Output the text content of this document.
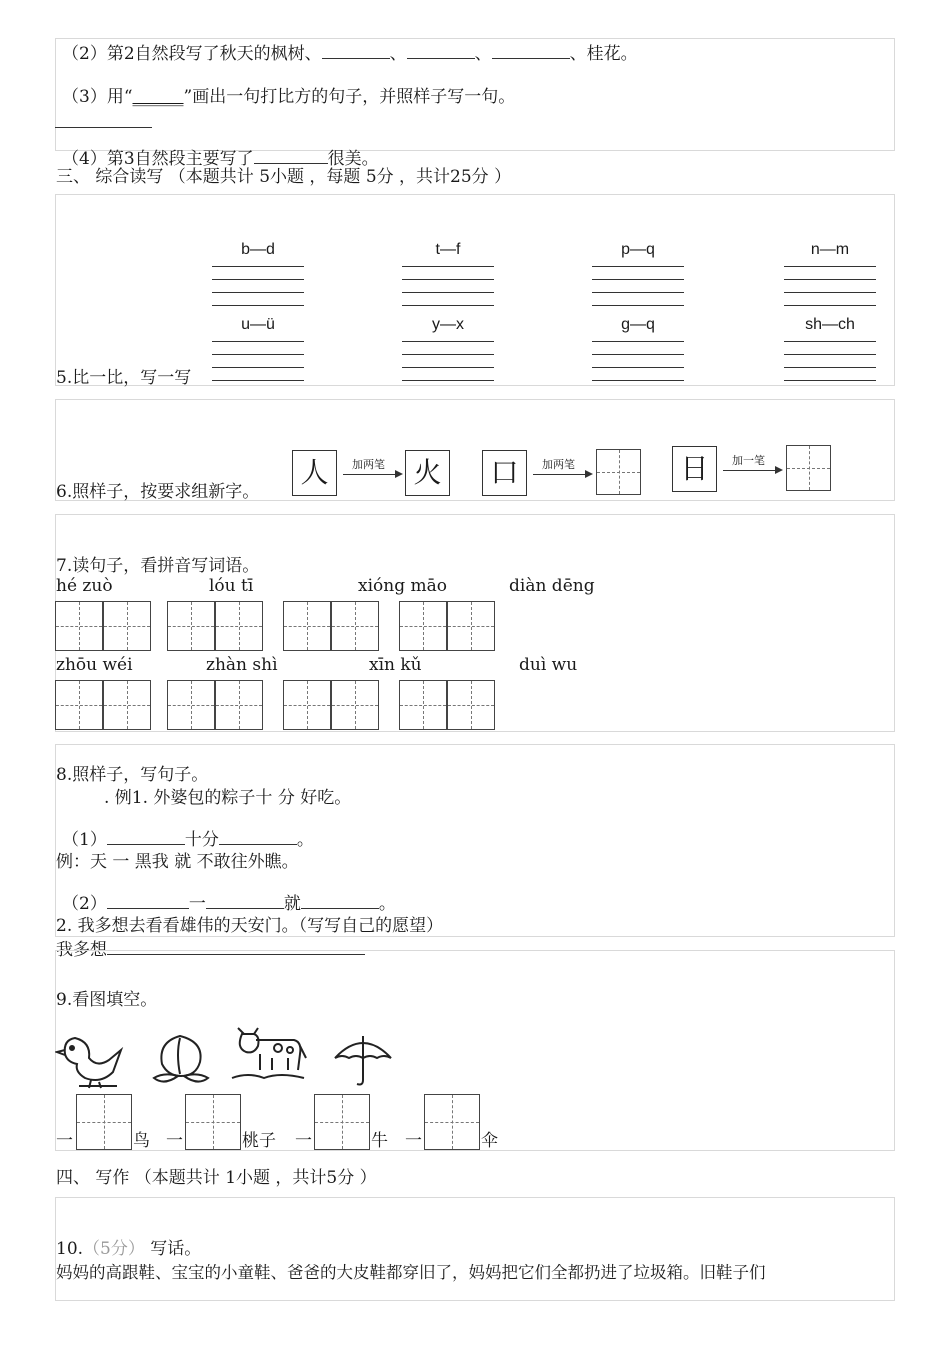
（2）第2自然段写了秋天的枫树、	、	、	、桂花。
（3）用“______”画出一句打比方的句子，并照样子写一句。
（4）第3自然段主要写了	很美。
三、 综合读写 （本题共计 5小题 ，每题 5分 ，共计25分 ）
5.比一比，写一写
b—d	t—f	p—q	n—m
u—ü	y—x	g—q	sh—ch
6.照样子，按要求组新字。
人	加两笔	火	口	加两笔	日	加一笔
7.读句子，看拼音写词语。
hé zuò	lóu tī	xióng māo	diàn dēng
zhōu wéi	zhàn shì	xīn kǔ	duì wu
8.照样子，写句子。
. 例1. 外婆包的粽子十 分 好吃。
（1）	十分	。
例：天 一 黑我 就 不敢往外瞧。
（2）	一	就	。
2. 我多想去看看雄伟的天安门。（写写自己的愿望）
我多想
9.看图填空。
一	鸟 一	桃子 一	牛 一	伞
四、 写作 （本题共计 1小题 ，共计5分 ）
10.（5分） 写话。
妈妈的高跟鞋、宝宝的小童鞋、爸爸的大皮鞋都穿旧了，妈妈把它们全都扔进了垃圾箱。旧鞋子们
